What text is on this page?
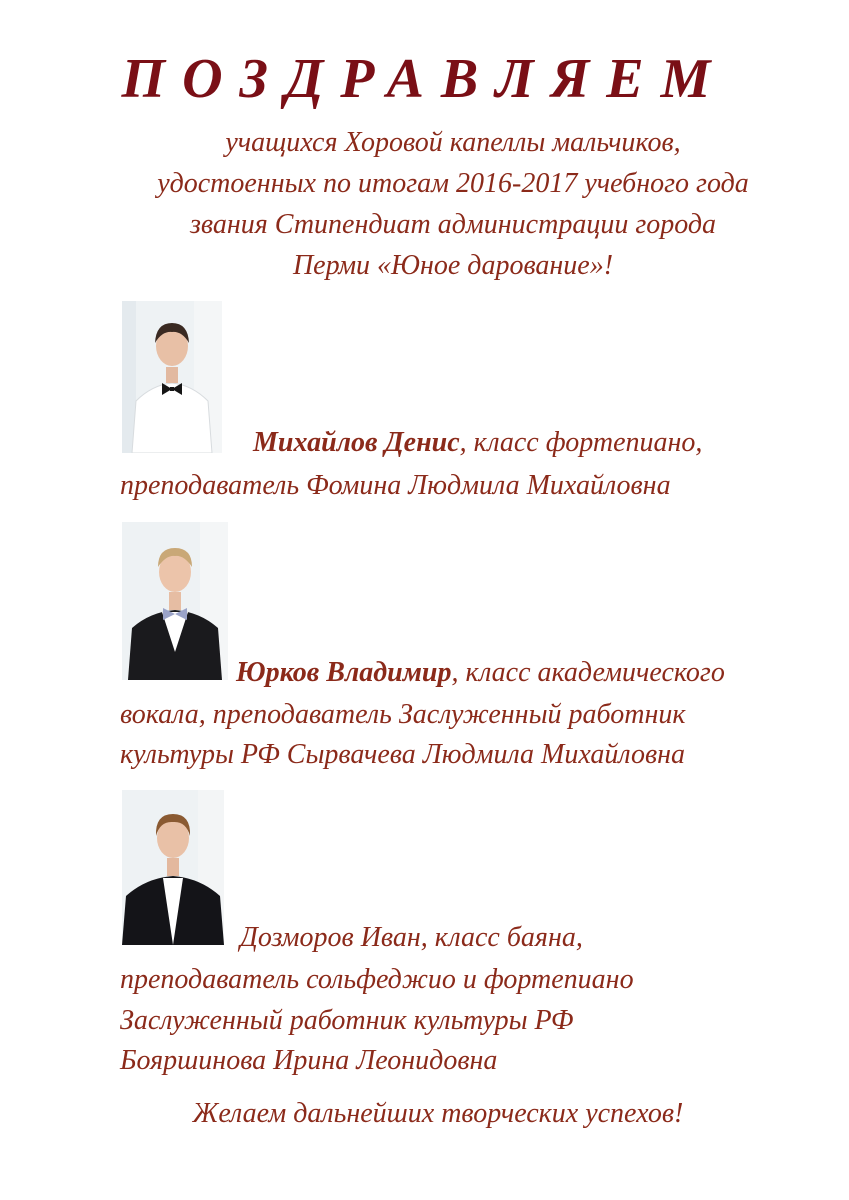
ПОЗДРАВЛЯЕМ
учащихся Хоровой капеллы мальчиков,
удостоенных по итогам 2016-2017 учебного года
звания Стипендиат администрации города
Перми «Юное дарование»!
Михайлов Денис, класс фортепиано,
преподаватель Фомина Людмила Михайловна
Юрков Владимир, класс академического
вокала, преподаватель Заслуженный работник
культуры РФ Сырвачева Людмила Михайловна
Дозморов Иван, класс баяна,
преподаватель сольфеджио и фортепиано
Заслуженный работник культуры РФ
Бояршинова Ирина Леонидовна
Желаем дальнейших творческих успехов!
